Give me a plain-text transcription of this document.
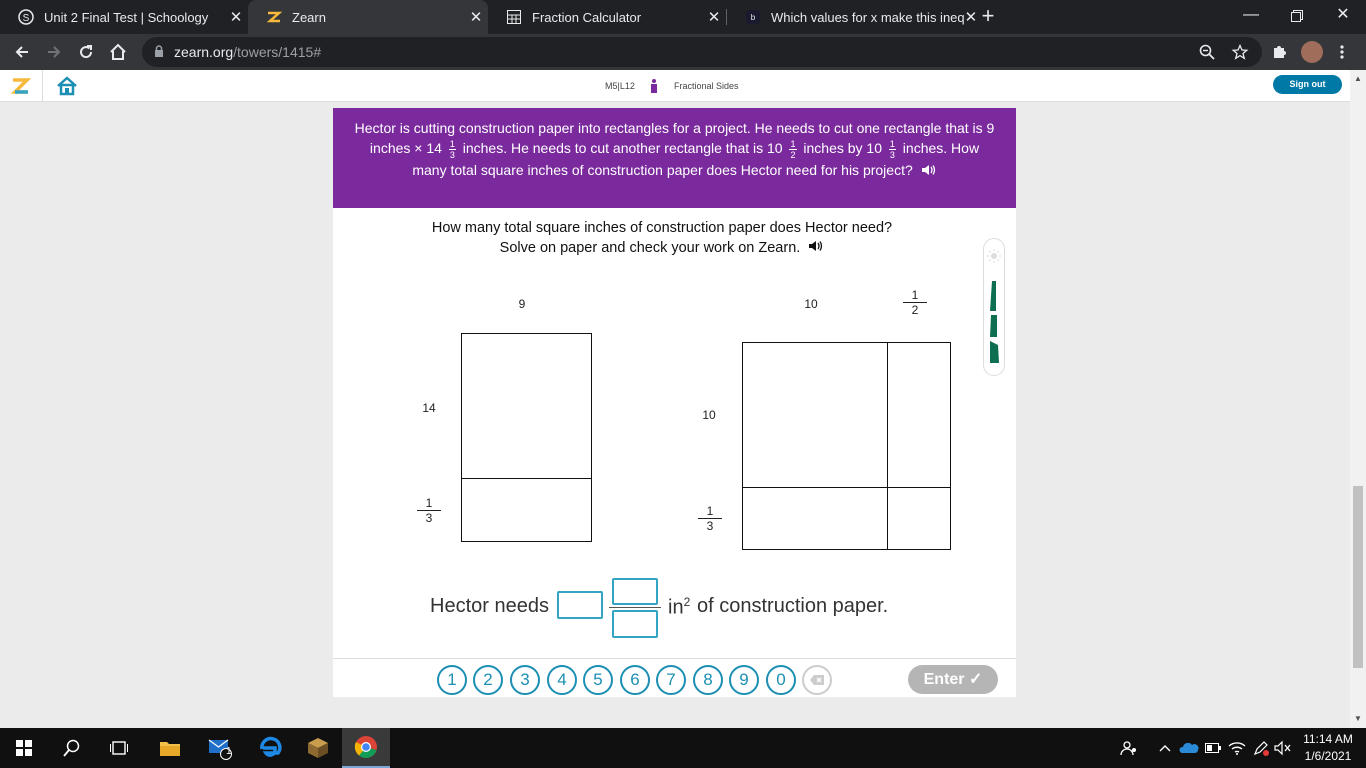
S Unit 2 Final Test | Schoology	✕	Zearn	✕	Fraction Calculator	✕	b Which values for x make this ineq ✕ +	—	✕
zearn.org/towers/1415#
M5|L12	Fractional Sides	Sign out
▲
▼
Hector is cutting construction paper into rectangles for a project. He needs to cut one rectangle that is 9 inches × $14 \frac{1}{3}$ inches. He needs to cut another rectangle that is $10 \frac{1}{2}$ inches by $10 \frac{1}{3}$ inches. How many total square inches of construction paper does Hector need for his project?
How many total square inches of construction paper does Hector need?
Solve on paper and check your work on Zearn.
9
14
1
3
10
1
2
10
1
3
Hector needs	$in^2$ of construction paper.
1	2	3	4	5	6	7	8	9	0	Enter ✓
1
11:14 AM
1/6/2021
